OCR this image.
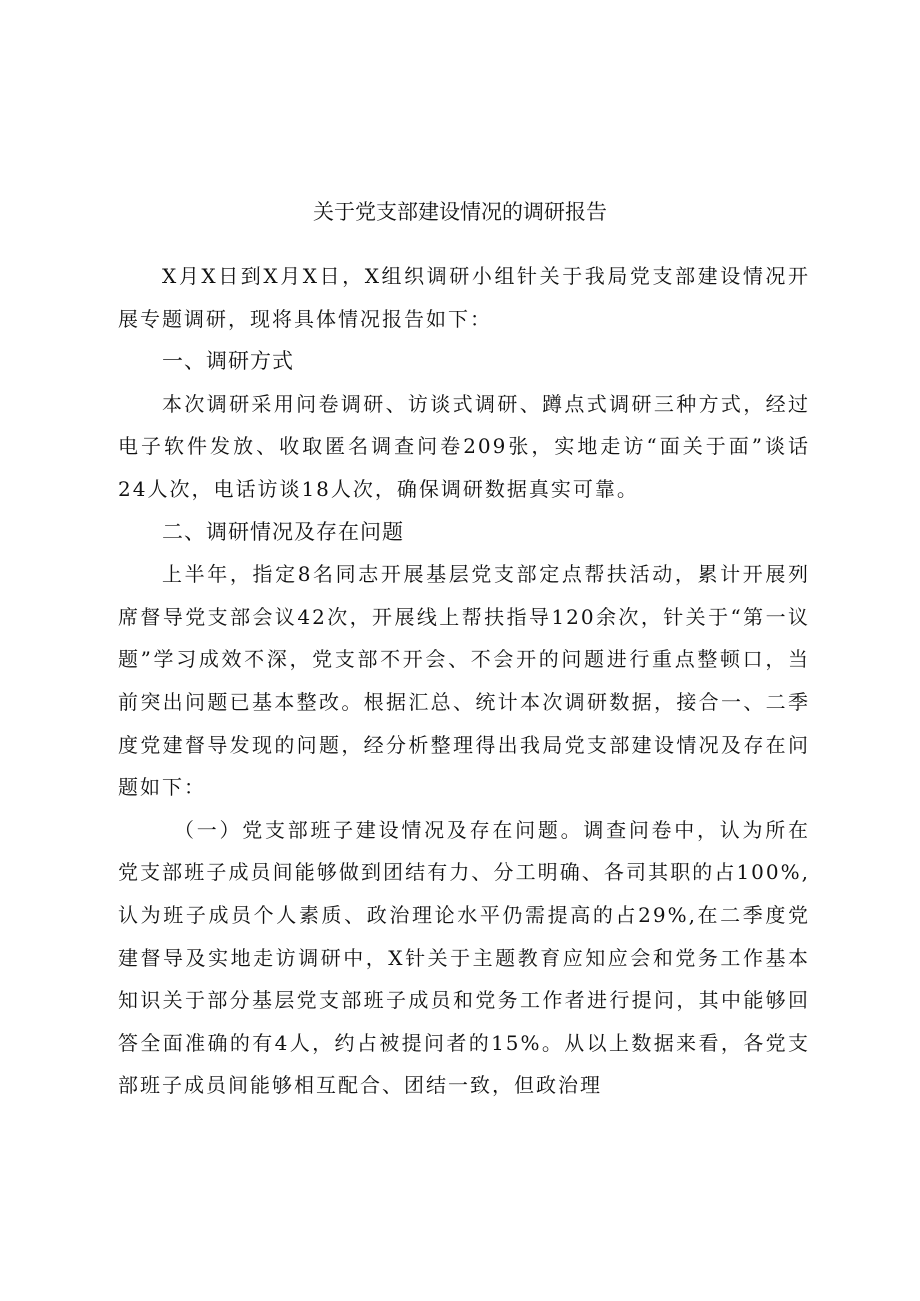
关于党支部建设情况的调研报告

X月X日到X月X日，X组织调研小组针关于我局党支部建设情况开展专题调研，现将具体情况报告如下：

一、调研方式

本次调研采用问卷调研、访谈式调研、蹲点式调研三种方式，经过电子软件发放、收取匿名调查问卷209张，实地走访“面关于面”谈话24人次，电话访谈18人次，确保调研数据真实可靠。

二、调研情况及存在问题

上半年，指定8名同志开展基层党支部定点帮扶活动，累计开展列席督导党支部会议42次，开展线上帮扶指导120余次，针关于“第一议题”学习成效不深，党支部不开会、不会开的问题进行重点整顿口，当前突出问题已基本整改。根据汇总、统计本次调研数据，接合一、二季度党建督导发现的问题，经分析整理得出我局党支部建设情况及存在问题如下：

（一）党支部班子建设情况及存在问题。调查问卷中，认为所在党支部班子成员间能够做到团结有力、分工明确、各司其职的占100%,认为班子成员个人素质、政治理论水平仍需提高的占29%,在二季度党建督导及实地走访调研中，X针关于主题教育应知应会和党务工作基本知识关于部分基层党支部班子成员和党务工作者进行提问，其中能够回答全面准确的有4人，约占被提问者的15%。从以上数据来看，各党支部班子成员间能够相互配合、团结一致，但政治理
